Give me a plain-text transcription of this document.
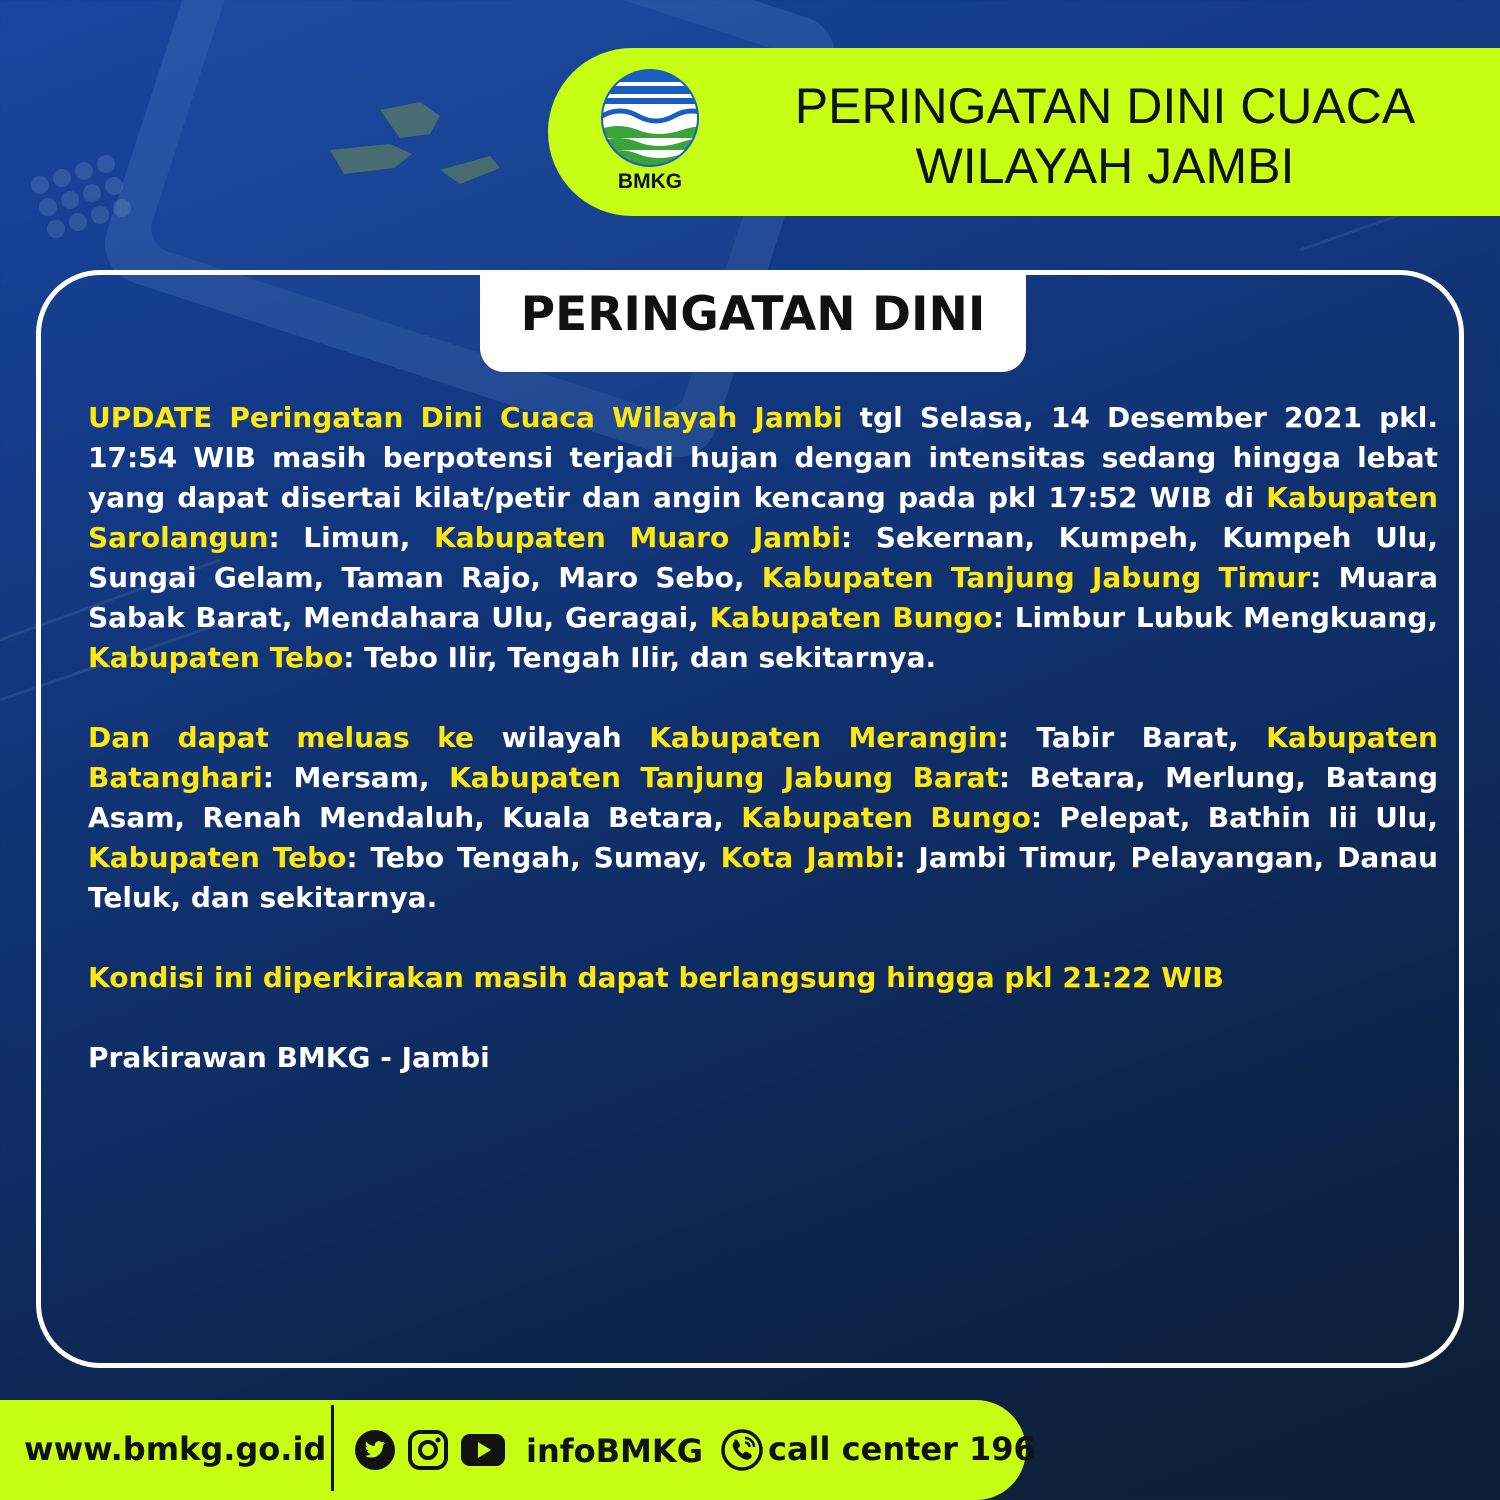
BMKG
PERINGATAN DINI CUACA
WILAYAH JAMBI
PERINGATAN DINI

UPDATE Peringatan Dini Cuaca Wilayah Jambi tgl Selasa, 14 Desember 2021 pkl. 17:54 WIB masih berpotensi terjadi hujan dengan intensitas sedang hingga lebat yang dapat disertai kilat/petir dan angin kencang pada pkl 17:52 WIB di Kabupaten Sarolangun: Limun, Kabupaten Muaro Jambi: Sekernan, Kumpeh, Kumpeh Ulu, Sungai Gelam, Taman Rajo, Maro Sebo, Kabupaten Tanjung Jabung Timur: Muara Sabak Barat, Mendahara Ulu, Geragai, Kabupaten Bungo: Limbur Lubuk Mengkuang, Kabupaten Tebo: Tebo Ilir, Tengah Ilir, dan sekitarnya.

Dan dapat meluas ke wilayah Kabupaten Merangin: Tabir Barat, Kabupaten Batanghari: Mersam, Kabupaten Tanjung Jabung Barat: Betara, Merlung, Batang Asam, Renah Mendaluh, Kuala Betara, Kabupaten Bungo: Pelepat, Bathin Iii Ulu, Kabupaten Tebo: Tebo Tengah, Sumay, Kota Jambi: Jambi Timur, Pelayangan, Danau Teluk, dan sekitarnya.

Kondisi ini diperkirakan masih dapat berlangsung hingga pkl 21:22 WIB

Prakirawan BMKG - Jambi

www.bmkg.go.id	infoBMKG call center 196
